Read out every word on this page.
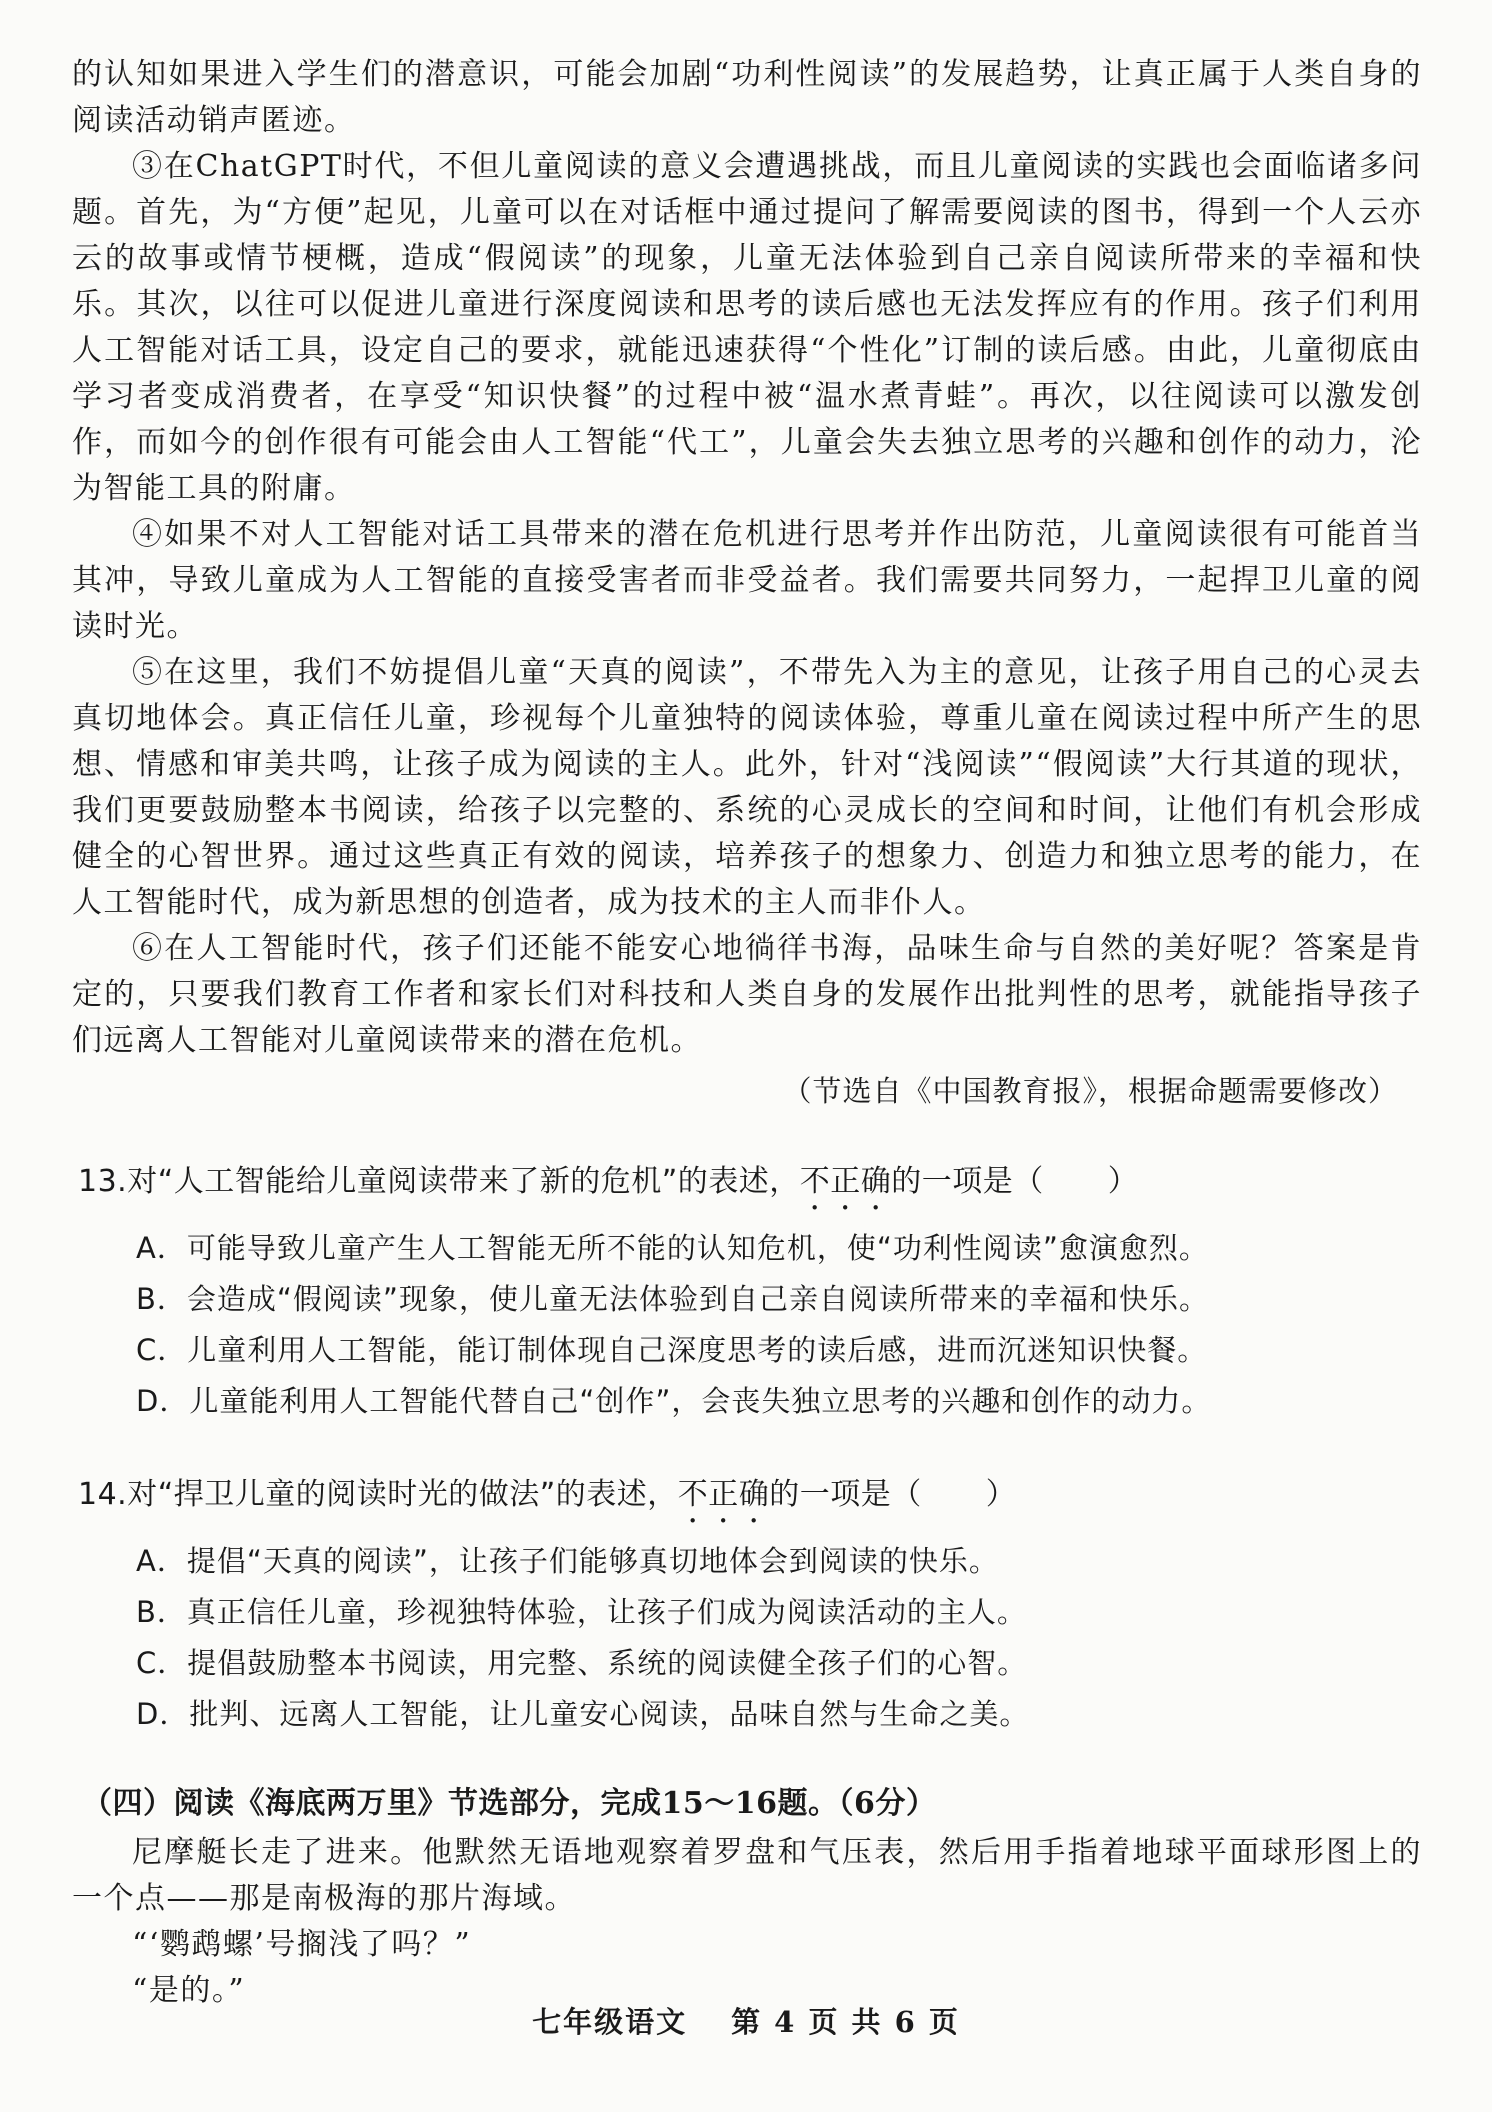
的认知如果进入学生们的潜意识，可能会加剧“功利性阅读”的发展趋势，让真正属于人类自身的阅读活动销声匿迹。

③在ChatGPT时代，不但儿童阅读的意义会遭遇挑战，而且儿童阅读的实践也会面临诸多问题。首先，为“方便”起见，儿童可以在对话框中通过提问了解需要阅读的图书，得到一个人云亦云的故事或情节梗概，造成“假阅读”的现象，儿童无法体验到自己亲自阅读所带来的幸福和快乐。其次，以往可以促进儿童进行深度阅读和思考的读后感也无法发挥应有的作用。孩子们利用人工智能对话工具，设定自己的要求，就能迅速获得“个性化”订制的读后感。由此，儿童彻底由学习者变成消费者，在享受“知识快餐”的过程中被“温水煮青蛙”。再次，以往阅读可以激发创作，而如今的创作很有可能会由人工智能“代工”，儿童会失去独立思考的兴趣和创作的动力，沦为智能工具的附庸。

④如果不对人工智能对话工具带来的潜在危机进行思考并作出防范，儿童阅读很有可能首当其冲，导致儿童成为人工智能的直接受害者而非受益者。我们需要共同努力，一起捍卫儿童的阅读时光。

⑤在这里，我们不妨提倡儿童“天真的阅读”，不带先入为主的意见，让孩子用自己的心灵去真切地体会。真正信任儿童，珍视每个儿童独特的阅读体验，尊重儿童在阅读过程中所产生的思想、情感和审美共鸣，让孩子成为阅读的主人。此外，针对“浅阅读”“假阅读”大行其道的现状，我们更要鼓励整本书阅读，给孩子以完整的、系统的心灵成长的空间和时间，让他们有机会形成健全的心智世界。通过这些真正有效的阅读，培养孩子的想象力、创造力和独立思考的能力，在人工智能时代，成为新思想的创造者，成为技术的主人而非仆人。

⑥在人工智能时代，孩子们还能不能安心地徜徉书海，品味生命与自然的美好呢？答案是肯定的，只要我们教育工作者和家长们对科技和人类自身的发展作出批判性的思考，就能指导孩子们远离人工智能对儿童阅读带来的潜在危机。

（节选自《中国教育报》，根据命题需要修改）

13.对“人工智能给儿童阅读带来了新的危机”的表述，不正确的一项是（ ）

A．可能导致儿童产生人工智能无所不能的认知危机，使“功利性阅读”愈演愈烈。

B．会造成“假阅读”现象，使儿童无法体验到自己亲自阅读所带来的幸福和快乐。

C．儿童利用人工智能，能订制体现自己深度思考的读后感，进而沉迷知识快餐。

D．儿童能利用人工智能代替自己“创作”，会丧失独立思考的兴趣和创作的动力。

14.对“捍卫儿童的阅读时光的做法”的表述，不正确的一项是（ ）

A．提倡“天真的阅读”，让孩子们能够真切地体会到阅读的快乐。

B．真正信任儿童，珍视独特体验，让孩子们成为阅读活动的主人。

C．提倡鼓励整本书阅读，用完整、系统的阅读健全孩子们的心智。

D．批判、远离人工智能，让儿童安心阅读，品味自然与生命之美。

（四）阅读《海底两万里》节选部分，完成15～16题。（6分）

尼摩艇长走了进来。他默然无语地观察着罗盘和气压表，然后用手指着地球平面球形图上的一个点——那是南极海的那片海域。

“‘鹦鹉螺’号搁浅了吗？”

“是的。”

七年级语文 第 4 页 共 6 页
